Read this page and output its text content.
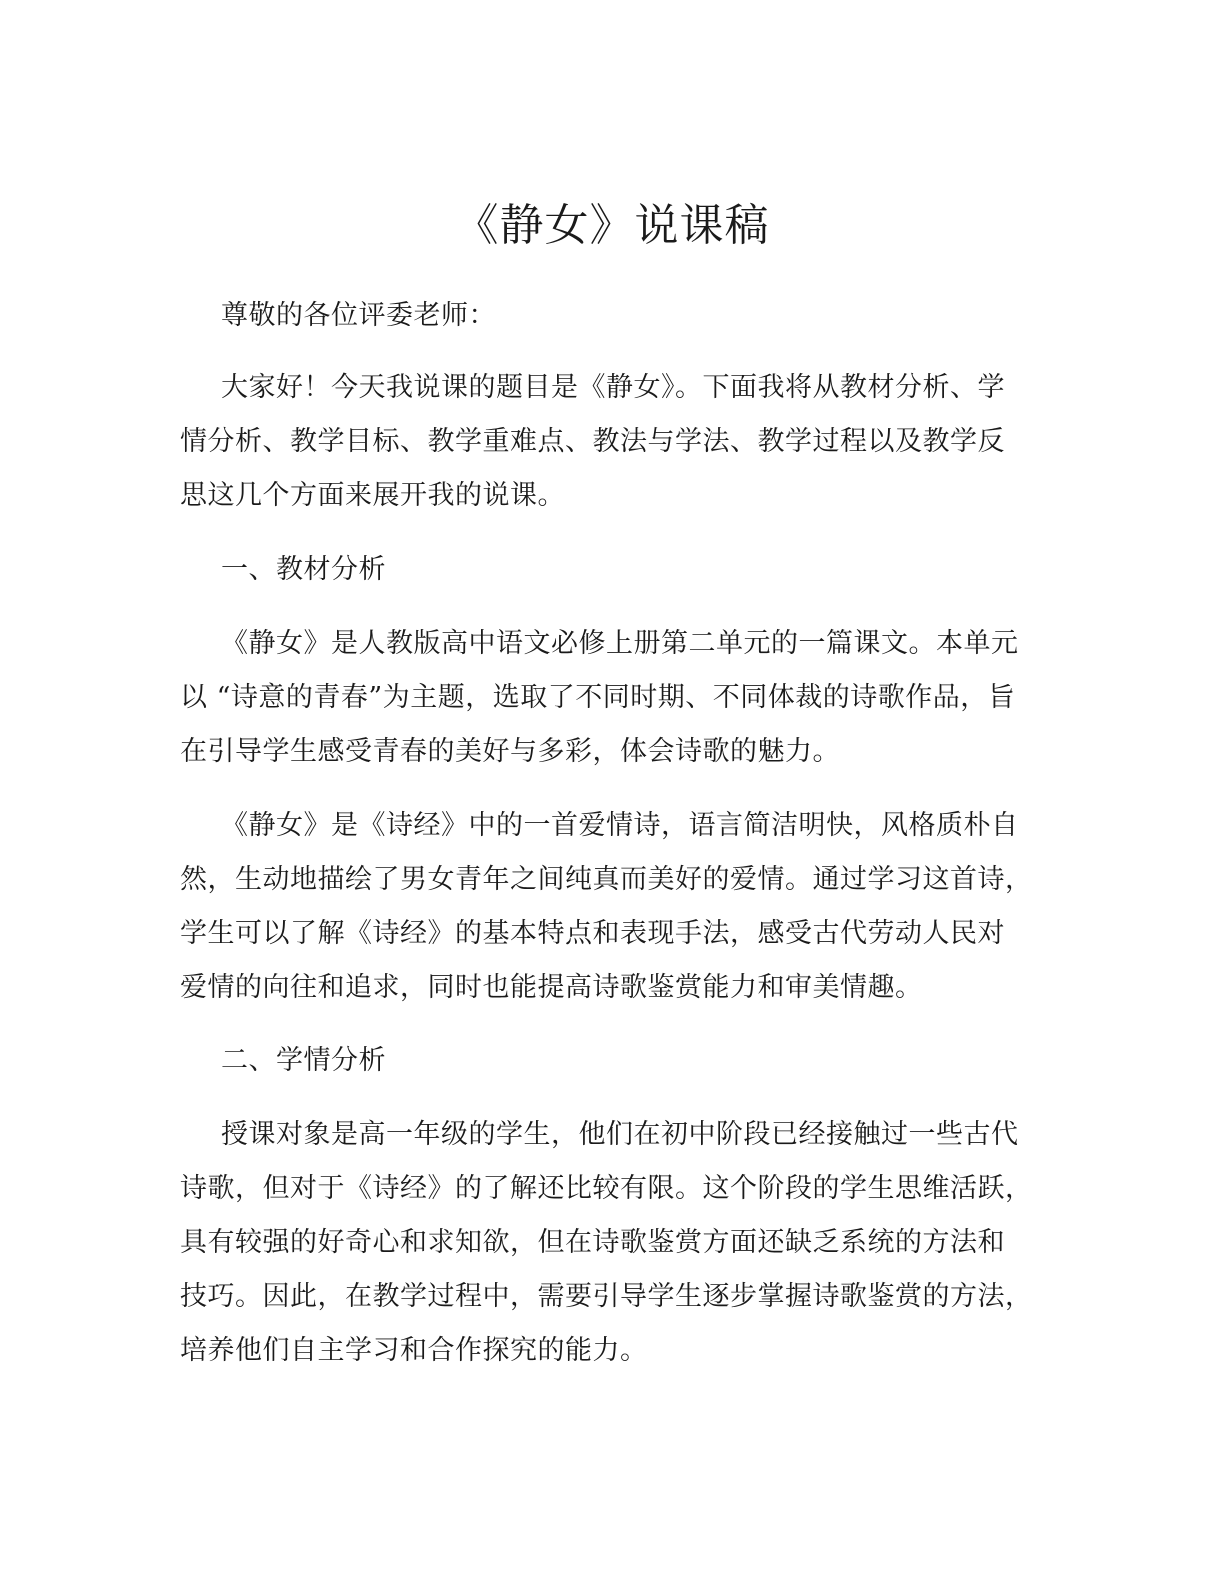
《静女》说课稿

尊敬的各位评委老师：

大家好！今天我说课的题目是《静女》。下面我将从教材分析、学

情分析、教学目标、教学重难点、教法与学法、教学过程以及教学反

思这几个方面来展开我的说课。

一、教材分析

《静女》是人教版高中语文必修上册第二单元的一篇课文。本单元

以 “诗意的青春”为主题，选取了不同时期、不同体裁的诗歌作品，旨

在引导学生感受青春的美好与多彩，体会诗歌的魅力。

《静女》是《诗经》中的一首爱情诗，语言简洁明快，风格质朴自

然，生动地描绘了男女青年之间纯真而美好的爱情。通过学习这首诗，

学生可以了解《诗经》的基本特点和表现手法，感受古代劳动人民对

爱情的向往和追求，同时也能提高诗歌鉴赏能力和审美情趣。

二、学情分析

授课对象是高一年级的学生，他们在初中阶段已经接触过一些古代

诗歌，但对于《诗经》的了解还比较有限。这个阶段的学生思维活跃，

具有较强的好奇心和求知欲，但在诗歌鉴赏方面还缺乏系统的方法和

技巧。因此，在教学过程中，需要引导学生逐步掌握诗歌鉴赏的方法，

培养他们自主学习和合作探究的能力。
